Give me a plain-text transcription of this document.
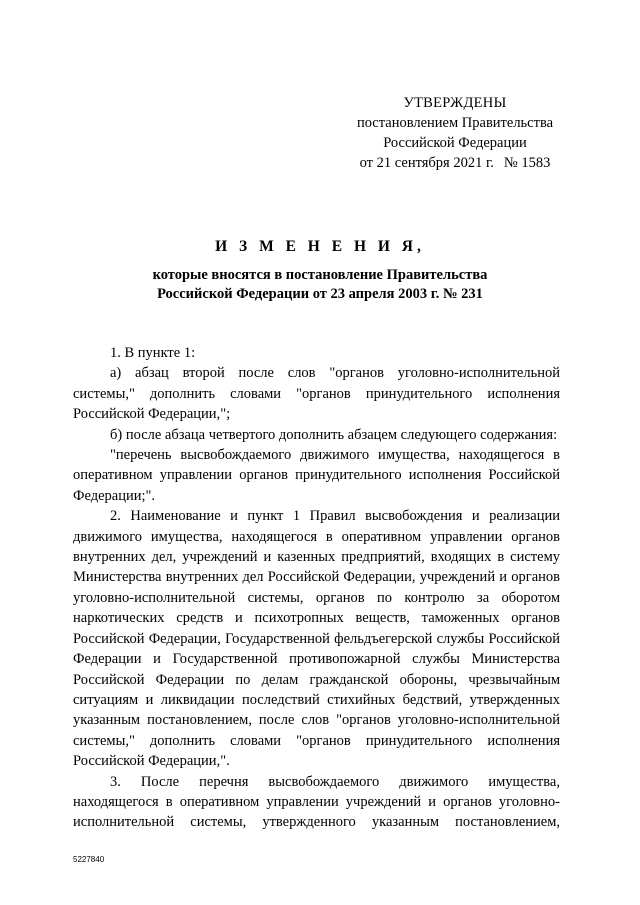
УТВЕРЖДЕНЫ
постановлением Правительства
Российской Федерации
от 21 сентября 2021 г. № 1583

И З М Е Н Е Н И Я,

которые вносятся в постановление Правительства

Российской Федерации от 23 апреля 2003 г. № 231

1. В пункте 1:

а) абзац второй после слов "органов уголовно-исполнительной системы," дополнить словами "органов принудительного исполнения Российской Федерации,";

б) после абзаца четвертого дополнить абзацем следующего содержания:

"перечень высвобождаемого движимого имущества, находящегося в оперативном управлении органов принудительного исполнения Российской Федерации;".

2. Наименование и пункт 1 Правил высвобождения и реализации движимого имущества, находящегося в оперативном управлении органов внутренних дел, учреждений и казенных предприятий, входящих в систему Министерства внутренних дел Российской Федерации, учреждений и органов уголовно-исполнительной системы, органов по контролю за оборотом наркотических средств и психотропных веществ, таможенных органов Российской Федерации, Государственной фельдъегерской службы Российской Федерации и Государственной противопожарной службы Министерства Российской Федерации по делам гражданской обороны, чрезвычайным ситуациям и ликвидации последствий стихийных бедствий, утвержденных указанным постановлением, после слов "органов уголовно-исполнительной системы," дополнить словами "органов принудительного исполнения Российской Федерации,".

3. После перечня высвобождаемого движимого имущества, находящегося в оперативном управлении учреждений и органов уголовно-исполнительной системы, утвержденного указанным постановлением,

5227840
